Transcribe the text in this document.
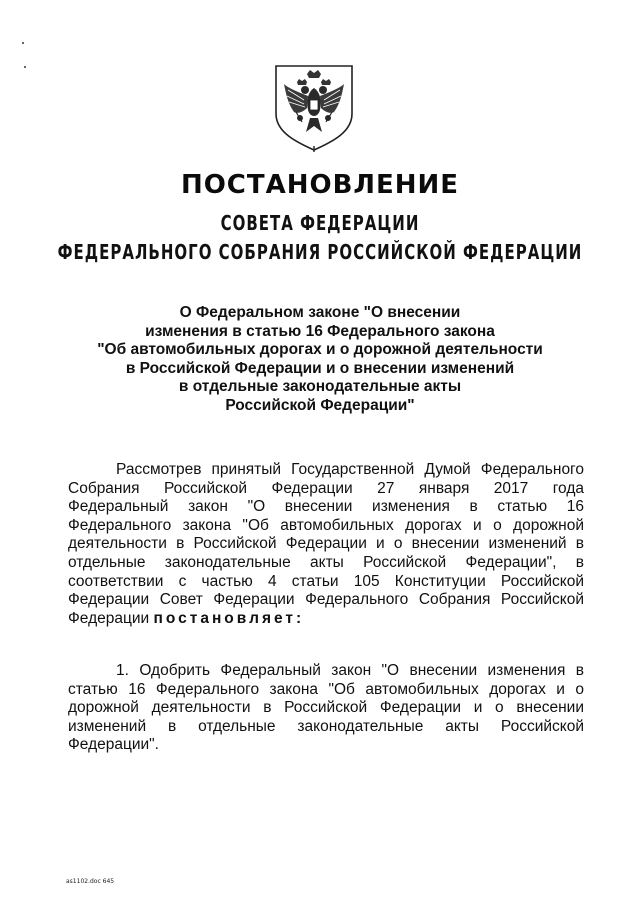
ПОСТАНОВЛЕНИЕ
СОВЕТА ФЕДЕРАЦИИ
ФЕДЕРАЛЬНОГО СОБРАНИЯ РОССИЙСКОЙ ФЕДЕРАЦИИ
О Федеральном законе "О внесении
изменения в статью 16 Федерального закона
"Об автомобильных дорогах и о дорожной деятельности
в Российской Федерации и о внесении изменений
в отдельные законодательные акты
Российской Федерации"
Рассмотрев принятый Государственной Думой Федерального
Собрания Российской Федерации 27 января 2017 года
Федеральный закон "О внесении изменения в статью 16
Федерального закона "Об автомобильных дорогах и о дорожной
деятельности в Российской Федерации и о внесении изменений в
отдельные законодательные акты Российской Федерации", в
соответствии с частью 4 статьи 105 Конституции Российской
Федерации Совет Федерации Федерального Собрания Российской
Федерации постановляет:
1. Одобрить Федеральный закон "О внесении изменения в
статью 16 Федерального закона "Об автомобильных дорогах и о
дорожной деятельности в Российской Федерации и о внесении
изменений в отдельные законодательные акты Российской
Федерации".
as1102.doc 645
